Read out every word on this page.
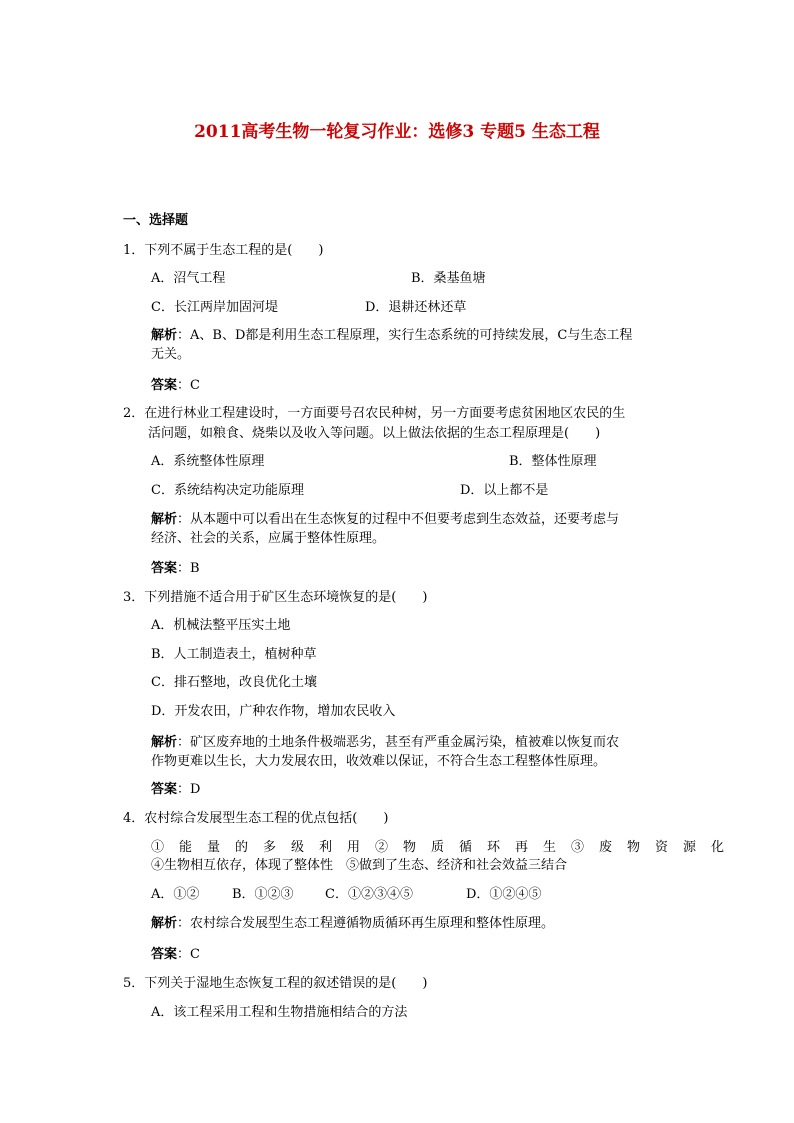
2011高考生物一轮复习作业：选修3 专题5 生态工程
一、选择题
1．下列不属于生态工程的是(　　)
A．沼气工程	B．桑基鱼塘
C．长江两岸加固河堤	D．退耕还林还草
解析：A、B、D都是利用生态工程原理，实行生态系统的可持续发展，C与生态工程
无关。
答案：C
2．在进行林业工程建设时，一方面要号召农民种树，另一方面要考虑贫困地区农民的生
活问题，如粮食、烧柴以及收入等问题。以上做法依据的生态工程原理是(　　)
A．系统整体性原理	B．整体性原理
C．系统结构决定功能原理	D．以上都不是
解析：从本题中可以看出在生态恢复的过程中不但要考虑到生态效益，还要考虑与
经济、社会的关系，应属于整体性原理。
答案：B
3．下列措施不适合用于矿区生态环境恢复的是(　　)
A．机械法整平压实土地
B．人工制造表土，植树种草
C．排石整地，改良优化土壤
D．开发农田，广种农作物，增加农民收入
解析：矿区废弃地的土地条件极端恶劣，甚至有严重金属污染，植被难以恢复而农
作物更难以生长，大力发展农田，收效难以保证，不符合生态工程整体性原理。
答案：D
4．农村综合发展型生态工程的优点包括(　　)
①能量的多级利用 ②物质循环再生 ③废物资源化
④生物相互依存，体现了整体性　⑤做到了生态、经济和社会效益三结合
A．①②	B．①②③ C．①②③④⑤	D．①②④⑤
解析：农村综合发展型生态工程遵循物质循环再生原理和整体性原理。
答案：C
5．下列关于湿地生态恢复工程的叙述错误的是(　　)
A．该工程采用工程和生物措施相结合的方法
